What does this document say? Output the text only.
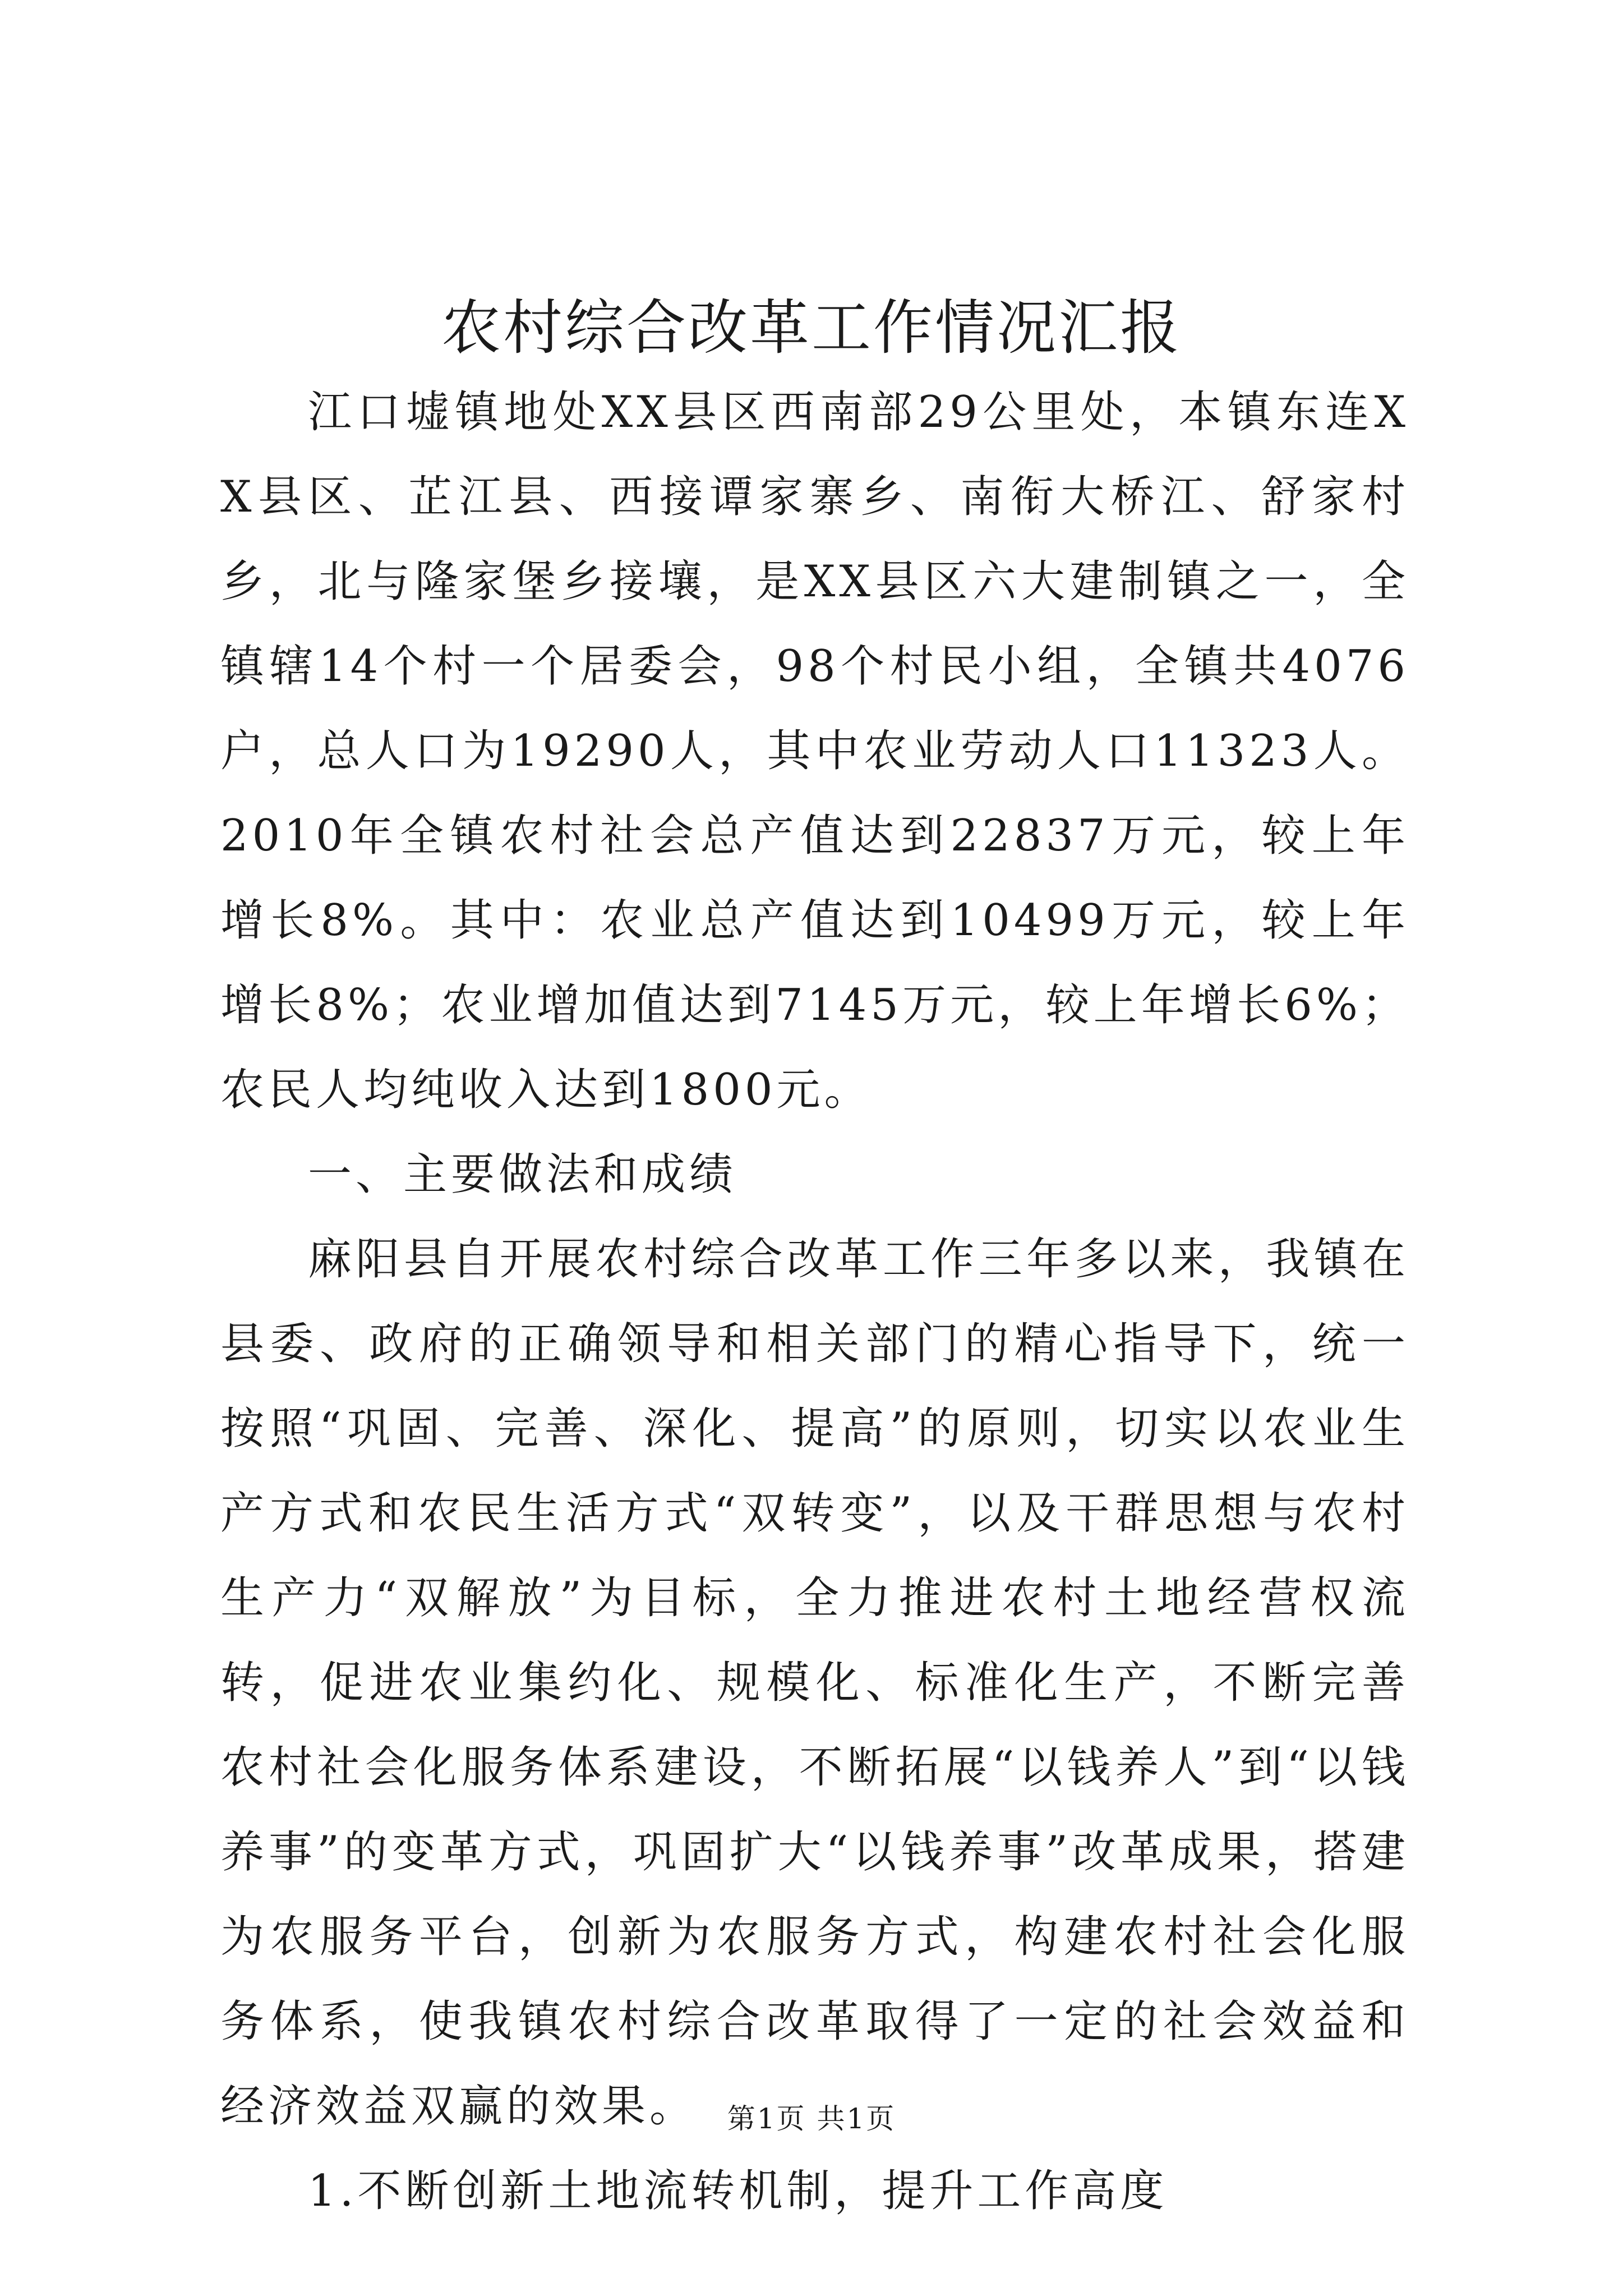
农村综合改革工作情况汇报

江口墟镇地处XX县区西南部29公里处，本镇东连XX县区、芷江县、西接谭家寨乡、南衔大桥江、舒家村乡，北与隆家堡乡接壤，是XX县区六大建制镇之一，全镇辖14个村一个居委会，98个村民小组，全镇共4076户，总人口为19290人，其中农业劳动人口11323人。2010年全镇农村社会总产值达到22837万元，较上年增长8%。其中：农业总产值达到10499万元，较上年增长8%；农业增加值达到7145万元，较上年增长6%；农民人均纯收入达到1800元。

一、主要做法和成绩

麻阳县自开展农村综合改革工作三年多以来，我镇在县委、政府的正确领导和相关部门的精心指导下，统一按照“巩固、完善、深化、提高”的原则，切实以农业生产方式和农民生活方式“双转变”，以及干群思想与农村生产力“双解放”为目标，全力推进农村土地经营权流转，促进农业集约化、规模化、标准化生产，不断完善农村社会化服务体系建设，不断拓展“以钱养人”到“以钱养事”的变革方式，巩固扩大“以钱养事”改革成果，搭建为农服务平台，创新为农服务方式，构建农村社会化服务体系，使我镇农村综合改革取得了一定的社会效益和经济效益双赢的效果。

1.不断创新土地流转机制，提升工作高度

第1页 共1页
